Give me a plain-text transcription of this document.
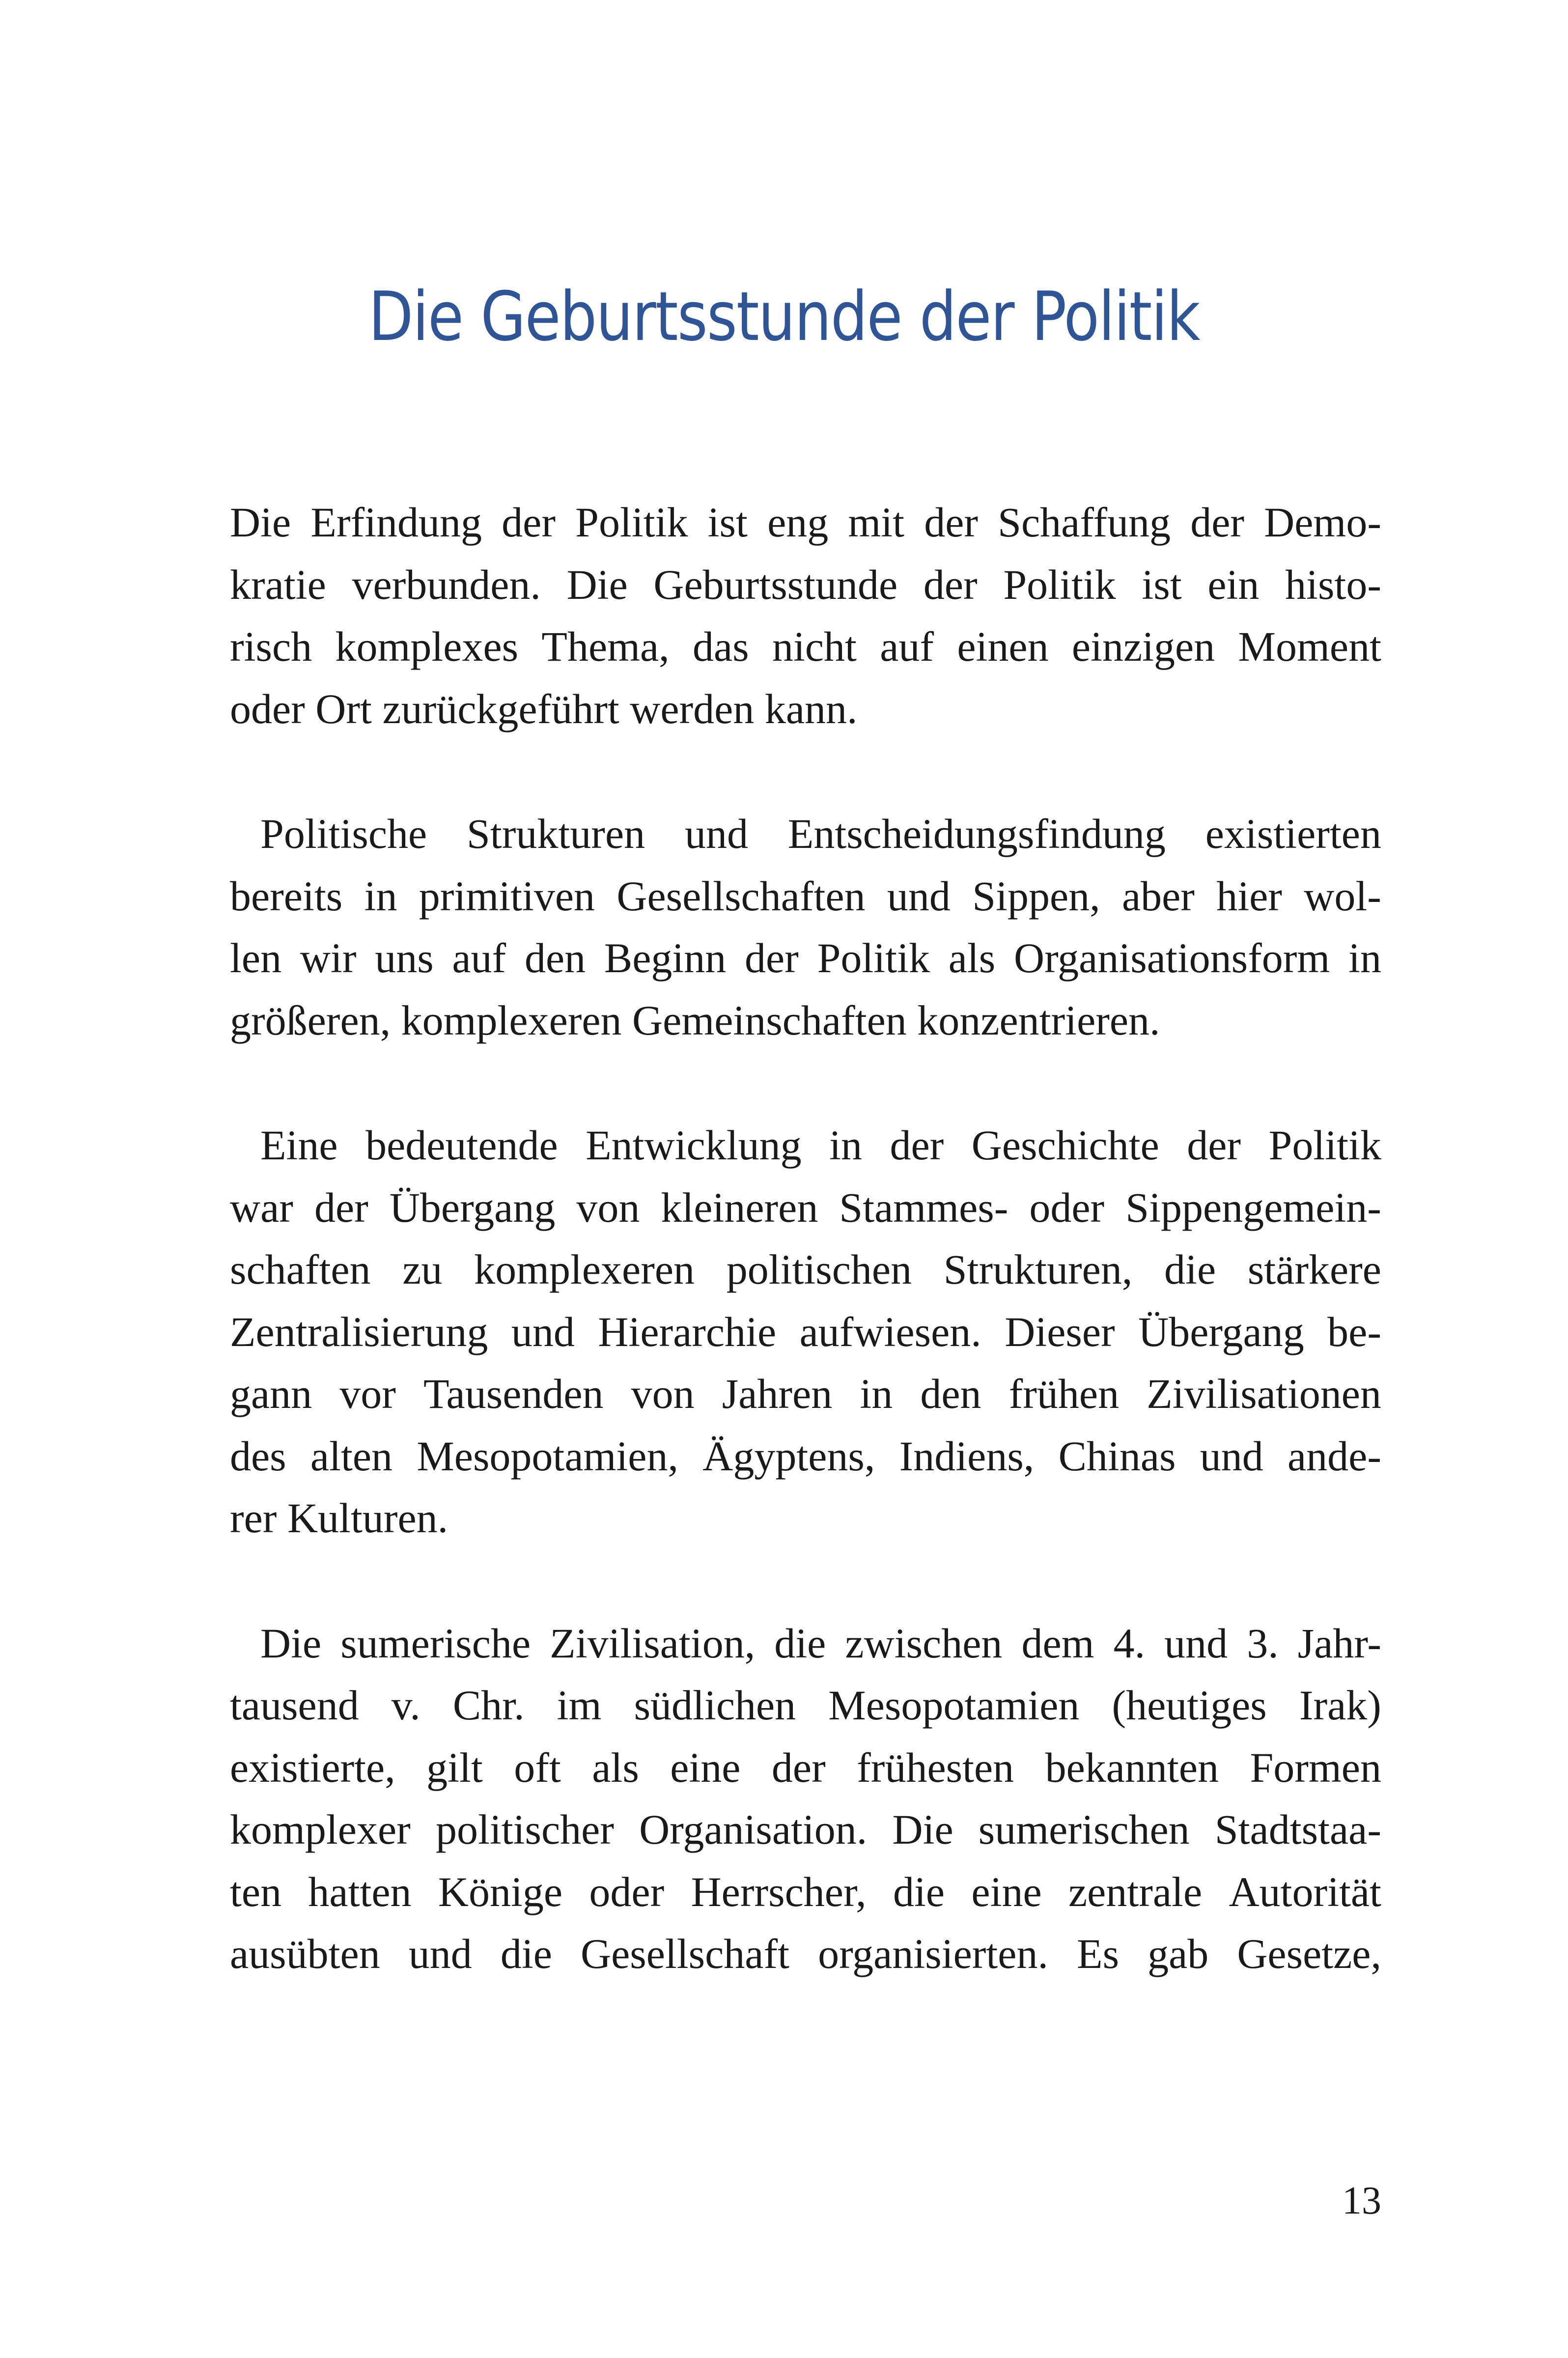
Die Geburtsstunde der Politik
Die Erfindung der Politik ist eng mit der Schaffung der Demo-
kratie verbunden. Die Geburtsstunde der Politik ist ein histo-
risch komplexes Thema, das nicht auf einen einzigen Moment
oder Ort zurückgeführt werden kann.
Politische Strukturen und Entscheidungsfindung existierten
bereits in primitiven Gesellschaften und Sippen, aber hier wol-
len wir uns auf den Beginn der Politik als Organisationsform in
größeren, komplexeren Gemeinschaften konzentrieren.
Eine bedeutende Entwicklung in der Geschichte der Politik
war der Übergang von kleineren Stammes- oder Sippengemein-
schaften zu komplexeren politischen Strukturen, die stärkere
Zentralisierung und Hierarchie aufwiesen. Dieser Übergang be-
gann vor Tausenden von Jahren in den frühen Zivilisationen
des alten Mesopotamien, Ägyptens, Indiens, Chinas und ande-
rer Kulturen.
Die sumerische Zivilisation, die zwischen dem 4. und 3. Jahr-
tausend v. Chr. im südlichen Mesopotamien (heutiges Irak)
existierte, gilt oft als eine der frühesten bekannten Formen
komplexer politischer Organisation. Die sumerischen Stadtstaa-
ten hatten Könige oder Herrscher, die eine zentrale Autorität
ausübten und die Gesellschaft organisierten. Es gab Gesetze,
13
